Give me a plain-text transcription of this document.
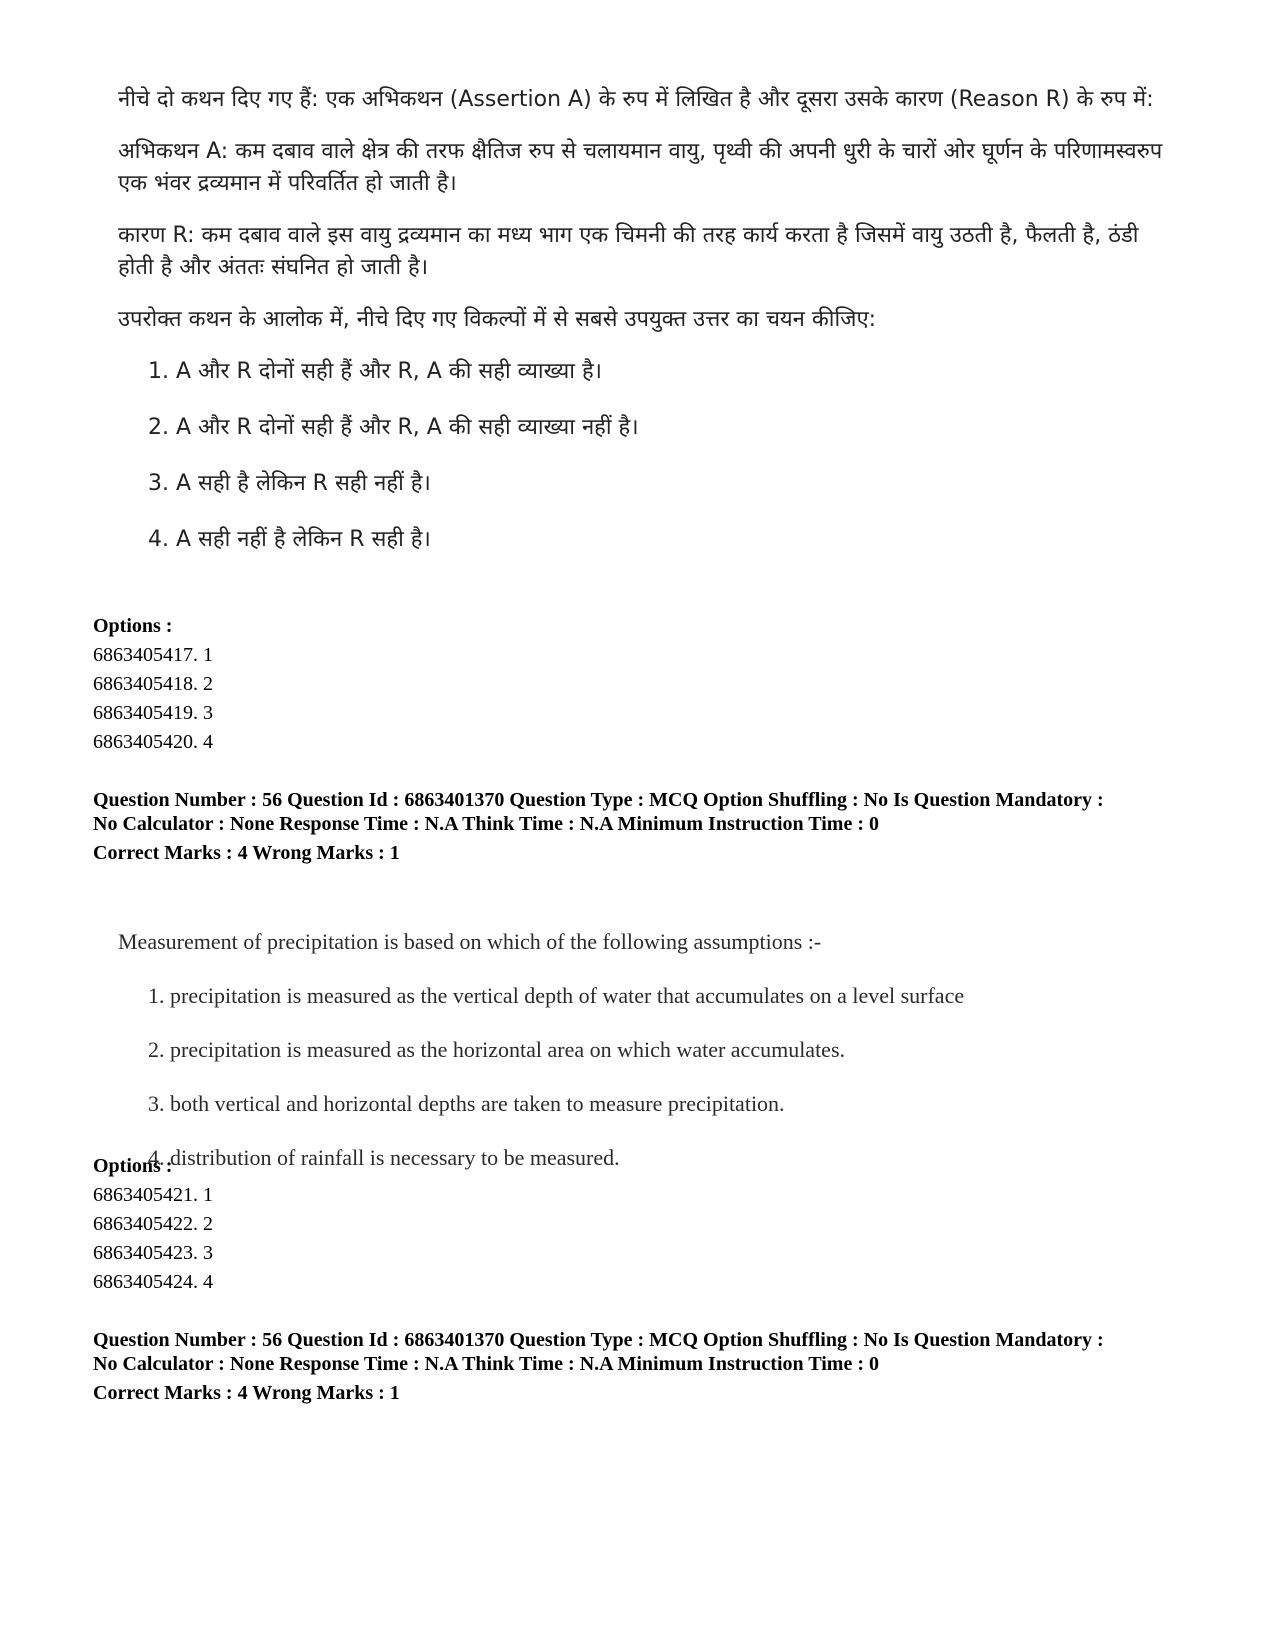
नीचे दो कथन दिए गए हैं: एक अभिकथन (Assertion A) के रुप में लिखित है और दूसरा उसके कारण (Reason R) के रुप में:

अभिकथन A: कम दबाव वाले क्षेत्र की तरफ क्षैतिज रुप से चलायमान वायु, पृथ्वी की अपनी धुरी के चारों ओर घूर्णन के परिणामस्वरुप एक भंवर द्रव्यमान में परिवर्तित हो जाती है।

कारण R: कम दबाव वाले इस वायु द्रव्यमान का मध्य भाग एक चिमनी की तरह कार्य करता है जिसमें वायु उठती है, फैलती है, ठंडी होती है और अंततः संघनित हो जाती है।

उपरोक्त कथन के आलोक में, नीचे दिए गए विकल्पों में से सबसे उपयुक्त उत्तर का चयन कीजिए:

1. A और R दोनों सही हैं और R, A की सही व्याख्या है।
2. A और R दोनों सही हैं और R, A की सही व्याख्या नहीं है।
3. A सही है लेकिन R सही नहीं है।
4. A सही नहीं है लेकिन R सही है।
Options :
6863405417. 1
6863405418. 2
6863405419. 3
6863405420. 4
Question Number : 56 Question Id : 6863401370 Question Type : MCQ Option Shuffling : No Is Question Mandatory :
No Calculator : None Response Time : N.A Think Time : N.A Minimum Instruction Time : 0
Correct Marks : 4 Wrong Marks : 1

Measurement of precipitation is based on which of the following assumptions :-

1. precipitation is measured as the vertical depth of water that accumulates on a level surface
2. precipitation is measured as the horizontal area on which water accumulates.
3. both vertical and horizontal depths are taken to measure precipitation.
4. distribution of rainfall is necessary to be measured.
Options :
6863405421. 1
6863405422. 2
6863405423. 3
6863405424. 4
Question Number : 56 Question Id : 6863401370 Question Type : MCQ Option Shuffling : No Is Question Mandatory :
No Calculator : None Response Time : N.A Think Time : N.A Minimum Instruction Time : 0
Correct Marks : 4 Wrong Marks : 1
